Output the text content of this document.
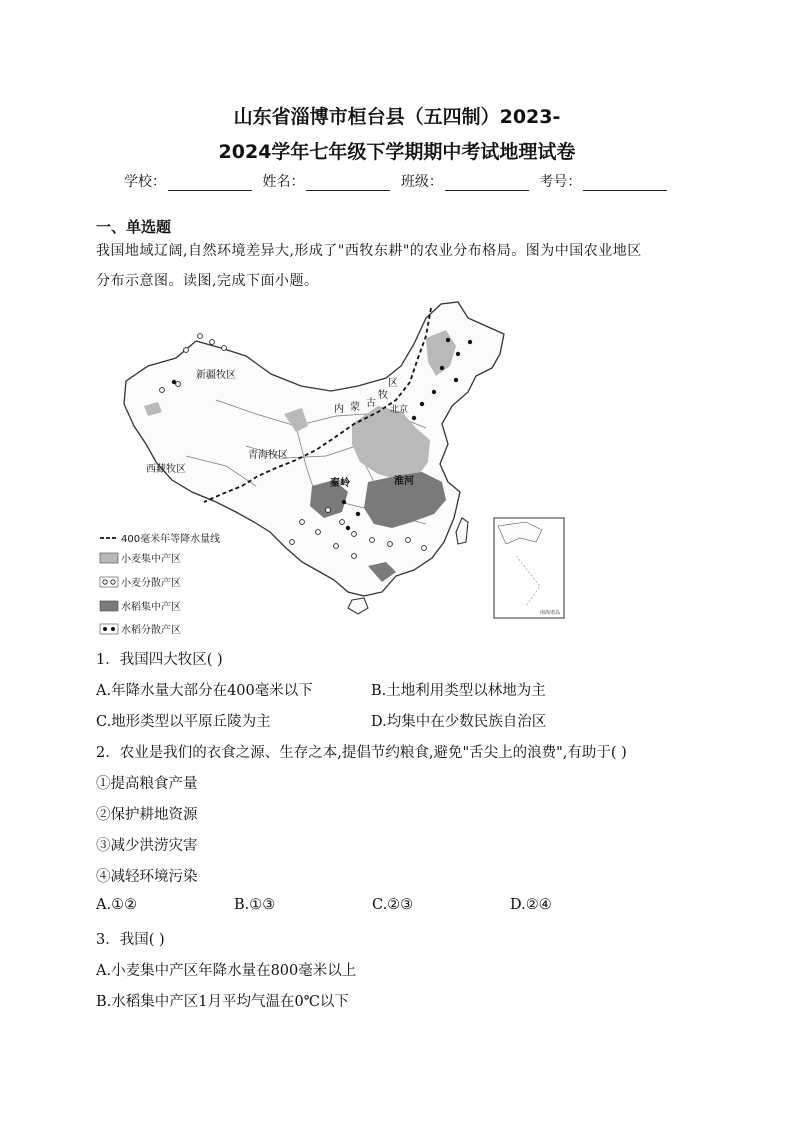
山东省淄博市桓台县（五四制）2023-
2024学年七年级下学期期中考试地理试卷
学校：	姓名：	班级：	考号：
一、单选题
我国地域辽阔,自然环境差异大,形成了"西牧东耕"的农业分布格局。图为中国农业地区
分布示意图。读图,完成下面小题。
新疆牧区
内 蒙 古
牧
区
北京
青海牧区
西藏牧区
秦岭	淮河
南海诸岛
400毫米年等降水量线
小麦集中产区
小麦分散产区
水稻集中产区
水稻分散产区
1．我国四大牧区( )
A.年降水量大部分在400毫米以下	B.土地利用类型以林地为主
C.地形类型以平原丘陵为主	D.均集中在少数民族自治区
2．农业是我们的衣食之源、生存之本,提倡节约粮食,避免"舌尖上的浪费",有助于( )
①提高粮食产量
②保护耕地资源
③减少洪涝灾害
④减轻环境污染
A.①②	B.①③	C.②③	D.②④
3．我国( )
A.小麦集中产区年降水量在800毫米以上
B.水稻集中产区1月平均气温在0℃以下
